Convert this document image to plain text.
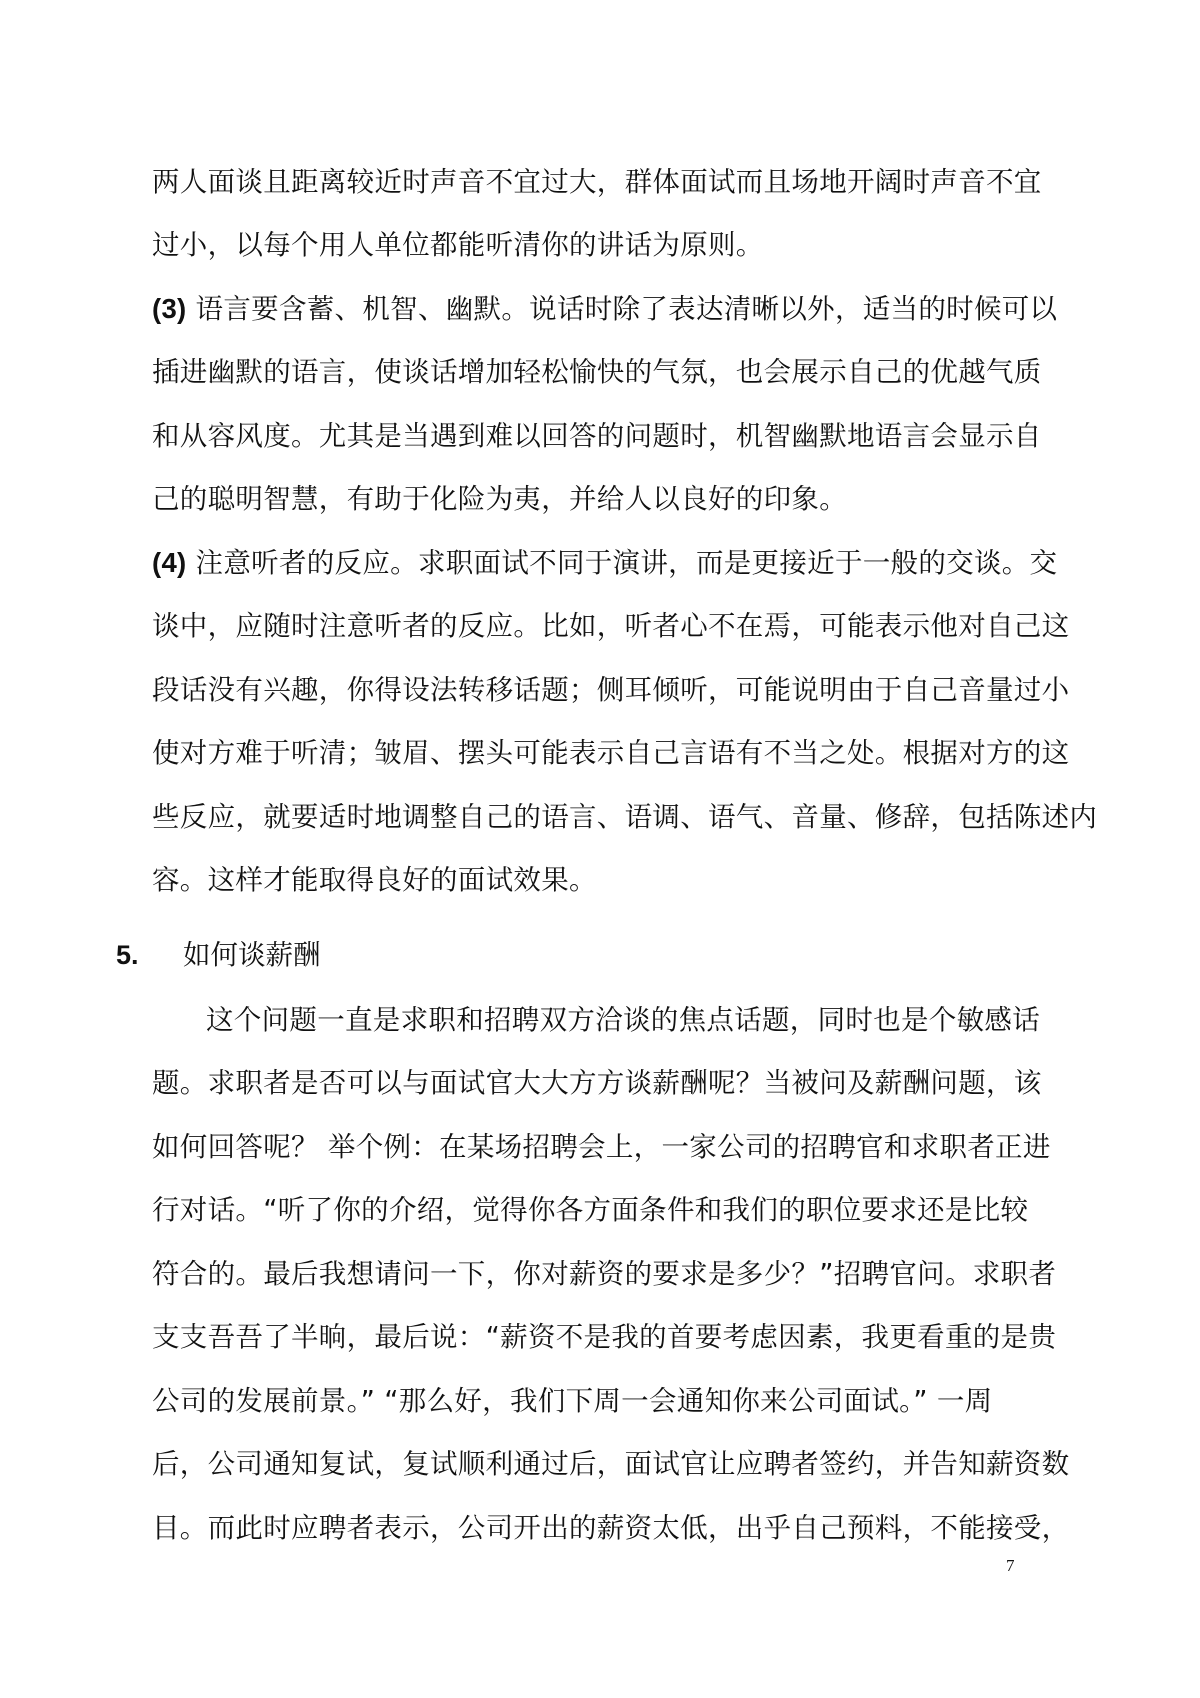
两人面谈且距离较近时声音不宜过大，群体面试而且场地开阔时声音不宜
过小，以每个用人单位都能听清你的讲话为原则。
(3) 语言要含蓄、机智、幽默。说话时除了表达清晰以外，适当的时候可以
插进幽默的语言，使谈话增加轻松愉快的气氛，也会展示自己的优越气质
和从容风度。尤其是当遇到难以回答的问题时，机智幽默地语言会显示自
己的聪明智慧，有助于化险为夷，并给人以良好的印象。
(4) 注意听者的反应。求职面试不同于演讲，而是更接近于一般的交谈。交
谈中，应随时注意听者的反应。比如，听者心不在焉，可能表示他对自己这
段话没有兴趣，你得设法转移话题；侧耳倾听，可能说明由于自己音量过小
使对方难于听清；皱眉、摆头可能表示自己言语有不当之处。根据对方的这
些反应，就要适时地调整自己的语言、语调、语气、音量、修辞，包括陈述内
容。这样才能取得良好的面试效果。
5. 如何谈薪酬
这个问题一直是求职和招聘双方洽谈的焦点话题，同时也是个敏感话
题。求职者是否可以与面试官大大方方谈薪酬呢？当被问及薪酬问题，该
如何回答呢？ 举个例：在某场招聘会上，一家公司的招聘官和求职者正进
行对话。“听了你的介绍，觉得你各方面条件和我们的职位要求还是比较
符合的。最后我想请问一下，你对薪资的要求是多少？”招聘官问。求职者
支支吾吾了半晌，最后说：“薪资不是我的首要考虑因素，我更看重的是贵
公司的发展前景。” “那么好，我们下周一会通知你来公司面试。” 一周
后，公司通知复试，复试顺利通过后，面试官让应聘者签约，并告知薪资数
目。而此时应聘者表示，公司开出的薪资太低，出乎自己预料，不能接受，
7
